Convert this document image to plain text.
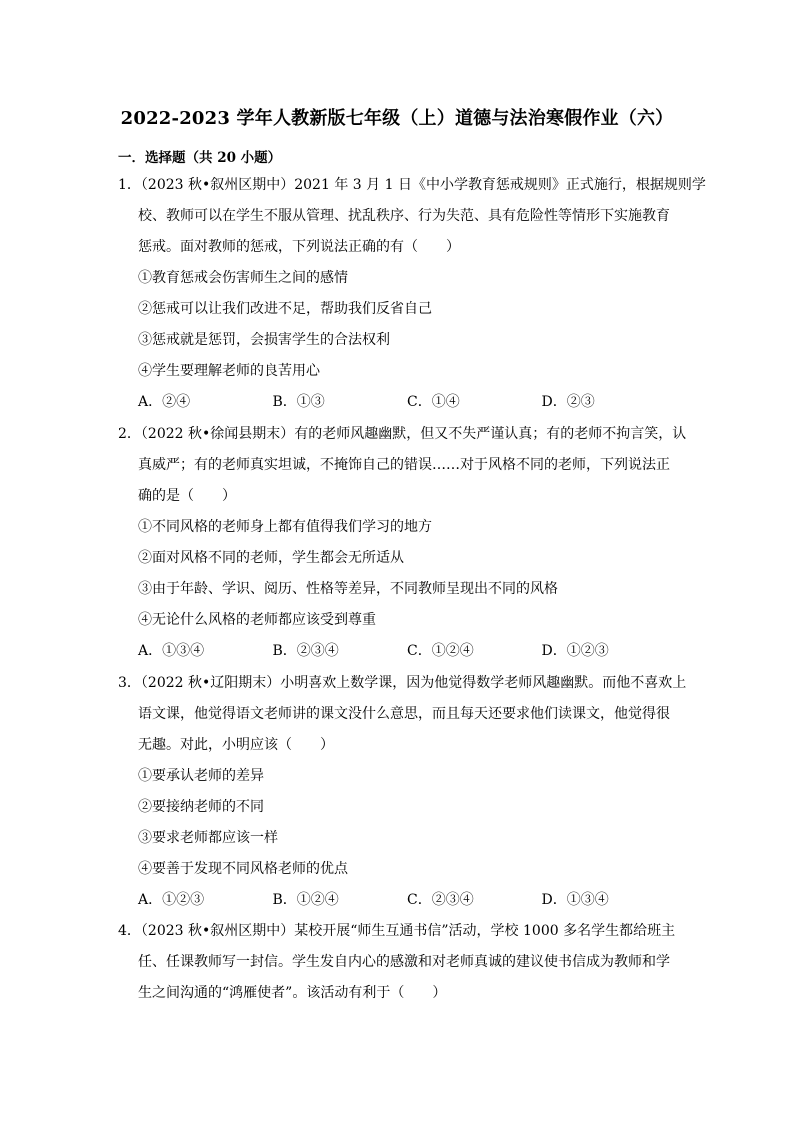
2022-2023 学年人教新版七年级（上）道德与法治寒假作业（六）
一．选择题（共 20 小题）
1．（2023 秋•叙州区期中）2021 年 3 月 1 日《中小学教育惩戒规则》正式施行，根据规则学
校、教师可以在学生不服从管理、扰乱秩序、行为失范、具有危险性等情形下实施教育
惩戒。面对教师的惩戒，下列说法正确的有（　　）
①教育惩戒会伤害师生之间的感情
②惩戒可以让我们改进不足，帮助我们反省自己
③惩戒就是惩罚，会损害学生的合法权利
④学生要理解老师的良苦用心
A．②④	B．①③	C．①④	D．②③
2．（2022 秋•徐闻县期末）有的老师风趣幽默，但又不失严谨认真；有的老师不拘言笑，认
真威严；有的老师真实坦诚，不掩饰自己的错误……对于风格不同的老师，下列说法正
确的是（　　）
①不同风格的老师身上都有值得我们学习的地方
②面对风格不同的老师，学生都会无所适从
③由于年龄、学识、阅历、性格等差异，不同教师呈现出不同的风格
④无论什么风格的老师都应该受到尊重
A．①③④	B．②③④	C．①②④	D．①②③
3．（2022 秋•辽阳期末）小明喜欢上数学课，因为他觉得数学老师风趣幽默。而他不喜欢上
语文课，他觉得语文老师讲的课文没什么意思，而且每天还要求他们读课文，他觉得很
无趣。对此，小明应该（　　）
①要承认老师的差异
②要接纳老师的不同
③要求老师都应该一样
④要善于发现不同风格老师的优点
A．①②③	B．①②④	C．②③④	D．①③④
4．（2023 秋•叙州区期中）某校开展“师生互通书信”活动，学校 1000 多名学生都给班主
任、任课教师写一封信。学生发自内心的感激和对老师真诚的建议使书信成为教师和学
生之间沟通的“鸿雁使者”。该活动有利于（　　）
